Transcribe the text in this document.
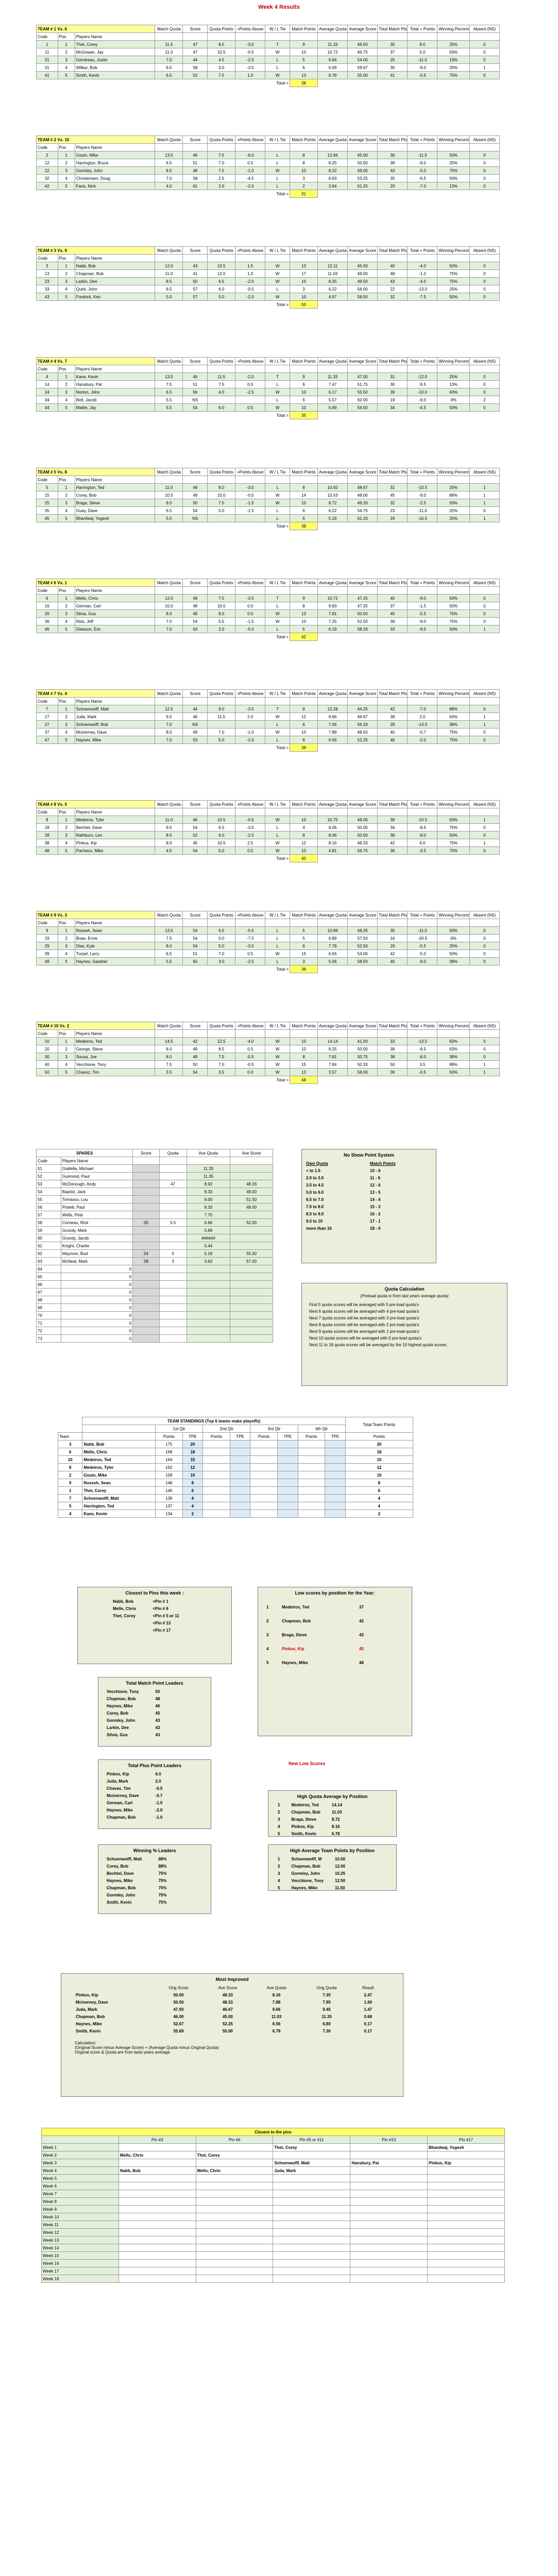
Week 4 Results
TEAM # 1 Vs. 6			Match Quota	Score	Quota Points	+Points Above	W / L Tie	Match Points	Average Quota	Average Score	Total Match Pts	Total + Points	Winning Percent	Absent (NS)
Code	Pos	Players Name												
1	1	Thet, Corey	11.5	47	8.5	-3.0	T	9	11.19	46.50	30	8.0	25%	0
11	2	McGowan, Jay	11.0	47	10.5	-0.5	W	10	10.72	46.75	37	5.0	63%	0
21	3	Gendreau, Justin	7.0	44	4.5	-2.5	L	5	6.84	54.00	25	-11.0	13%	0
31	4	Wilbur, Bob	6.5	58	3.0	-3.5	L	6	6.09	59.67	30	-9.0	25%	1
41	5	Smith, Kevin	6.5	52	7.5	1.0	W	13	6.78	55.00	41	-0.5	75%	0
							Total =	38						
TEAM # 2 Vs. 10			Match Quota	Score	Quota Points	+Points Above	W / L Tie	Match Points	Average Quota	Average Score	Total Match Pts	Total + Points	Winning Percent	Absent (NS)
Code	Pos	Players Name												
2	1	Gouin, Mike	13.5	49	7.5	-6.0	L	8	12.94	45.00	36	-11.5	50%	0
12	2	Harrington, Bruce	6.5	51	7.0	0.5	L	8	8.25	50.50	38	-9.0	25%	0
22	3	Gormley, John	8.5	48	7.5	-1.0	W	10	8.22	49.00	43	-5.0	75%	0
32	4	Christensen, Doug	7.0	58	2.5	-4.5	L	3	6.93	53.25	35	-6.5	50%	0
42	5	Faria, Nick	4.0	61	2.0	-2.0	L	2	3.94	61.25	29	-7.0	13%	0
							Total =	31						
TEAM # 3 Vs. 9			Match Quota	Score	Quota Points	+Points Above	W / L Tie	Match Points	Average Quota	Average Score	Total Match Pts	Total + Points	Winning Percent	Absent (NS)
Code	Pos	Players Name												
3	1	Nabb, Bob	12.0	43	13.5	1.5	W	13	12.11	45.50	40	-4.0	50%	0
13	2	Chapman, Bob	11.0	41	12.0	1.0	W	17	11.03	49.00	48	-1.0	75%	0
23	3	Larkin, Dee	8.5	50	6.5	-2.0	W	10	8.25	49.50	43	-4.0	75%	0
33	4	Quirk, John	6.5	57	6.0	-0.5	L	3	6.22	56.00	22	-13.0	25%	0
43	5	Fredrick, Ken	5.0	57	5.0	-2.0	W	10	4.97	58.50	32	-7.5	50%	0
							Total =	50						
TEAM # 4 Vs. 7			Match Quota	Score	Quota Points	+Points Above	W / L Tie	Match Points	Average Quota	Average Score	Total Match Pts	Total + Points	Winning Percent	Absent (NS)
Code	Pos	Players Name												
4	1	Kane, Kevin	13.5	46	11.5	-2.0	T	9	11.33	47.00	31	-12.0	25%	0
14	2	Hansbury, Pat	7.5	51	7.5	0.0	L	6	7.47	51.75	30	-9.5	13%	0
24	3	Norton, John	6.5	56	4.0	-2.5	W	10	6.17	55.50	39	-10.0	63%	0
34	4	Belt, Jacob	5.5	NS			L	6	5.57	62.00	19	-9.0	0%	2
44	5	Mattie, Jay	5.5	54	6.0	0.5	W	10	5.69	54.50	34	-4.5	50%	0
							Total =	35						
TEAM # 5 Vs. 8			Match Quota	Score	Quota Points	+Points Above	W / L Tie	Match Points	Average Quota	Average Score	Total Match Pts	Total + Points	Winning Percent	Absent (NS)
Code	Pos	Players Name												
5	1	Harrington, Ted	11.0	49	8.0	-3.0	L	8	10.50	48.67	31	-10.5	25%	1
15	2	Corey, Bob	10.5	49	10.0	-0.5	W	14	10.53	48.00	45	-9.0	88%	1
25	3	Braga, Steve	9.0	50	7.5	-1.5	W	10	8.72	49.33	32	-2.5	50%	1
35	4	Guay, Dave	6.5	54	5.0	-1.5	L	6	6.22	54.75	23	-11.0	25%	0
45	5	Bhardwaj, Yogesh	5.0	NS			L	6	5.19	61.33	24	-16.5	25%	1
							Total =	38						
TEAM # 6 Vs. 1			Match Quota	Score	Quota Points	+Points Above	W / L Tie	Match Points	Average Quota	Average Score	Total Match Pts	Total + Points	Winning Percent	Absent (NS)
Code	Pos	Players Name												
6	1	Mello, Chris	12.0	49	7.5	-3.5	T	9	10.72	47.25	40	-9.0	63%	0
16	2	German, Carl	10.0	48	10.0	0.0	L	8	9.83	47.25	37	-1.5	50%	0
26	3	Silvia, Gus	8.0	49	8.0	0.0	W	13	7.81	50.50	40	-5.5	75%	0
36	4	Reis, Jeff	7.0	54	5.5	-1.5	W	10	7.25	52.50	38	-9.0	75%	0
46	5	Gleason, Eric	7.0	63	2.0	-5.0	L	5	6.19	58.33	33	-9.5	50%	1
							Total =	42						
TEAM # 7 Vs. 4			Match Quota	Score	Quota Points	+Points Above	W / L Tie	Match Points	Average Quota	Average Score	Total Match Pts	Total + Points	Winning Percent	Absent (NS)
Code	Pos	Players Name												
7	1	Schoenwolff, Matt	12.5	44	9.0	-3.5	T	9	12.28	44.25	42	-7.0	88%	0
17	2	Juda, Mark	9.5	46	11.5	2.0	W	12	9.66	46.67	38	2.0	63%	1
27	3	Schoenwolff, Bob	7.0	NS			L	6	7.06	56.33	28	-13.0	38%	1
37	4	Mcinerney, Dave	8.0	49	7.0	-1.0	W	10	7.88	48.50	40	-0.7	75%	0
47	5	Haynes, Mike	7.0	53	5.0	-2.0	L	8	6.56	52.25	46	-2.0	75%	0
							Total =	39						
TEAM # 8 Vs. 5			Match Quota	Score	Quota Points	+Points Above	W / L Tie	Match Points	Average Quota	Average Score	Total Match Pts	Total + Points	Winning Percent	Absent (NS)
Code	Pos	Players Name												
8	1	Medeiros, Tyler	11.0	46	10.5	-0.5	W	10	10.75	48.00	38	-10.5	63%	1
18	2	Bechtel, Dave	9.5	54	6.5	-3.0	L	4	9.06	50.00	34	-8.5	75%	0
28	3	Rathburn, Len	8.5	52	6.0	-2.5	L	8	8.06	50.50	38	-8.0	50%	0
38	4	Pinkos, Kip	8.0	45	10.5	2.5	W	12	8.16	48.33	42	6.0	75%	1
48	5	Pacheco, Mike	4.5	54	5.0	0.5	W	10	4.81	56.75	36	-3.5	75%	0
							Total =	40						
TEAM # 9 Vs. 3			Match Quota	Score	Quota Points	+Points Above	W / L Tie	Match Points	Average Quota	Average Score	Total Match Pts	Total + Points	Winning Percent	Absent (NS)
Code	Pos	Players Name												
9	1	Rosseh, Sean	13.5	54	6.5	-5.5	L	5	10.89	48.25	35	-11.0	50%	0
19	2	Boas, Ernie	7.5	54	0.0	-7.5	L	5	6.89	57.50	16	-20.5	0%	0
29	3	Dias, Kyle	8.0	54	5.0	-3.0	L	8	7.78	52.50	29	-5.5	25%	0
39	4	Turpel, Larry	6.5	51	7.0	0.5	W	15	6.56	54.00	42	-5.0	50%	0
49	5	Haynes, Gardner	5.5	60	3.0	-2.5	L	3	5.06	58.50	40	-9.0	38%	0
							Total =	36						
TEAM # 10 Vs. 2			Match Quota	Score	Quota Points	+Points Above	W / L Tie	Match Points	Average Quota	Average Score	Total Match Pts	Total + Points	Winning Percent	Absent (NS)
Code	Pos	Players Name												
10	1	Medeiros, Ted	14.5	42	12.5	-4.0	W	10	14.14	41.00	33	-13.5	63%	0
20	2	George, Steve	8.0	49	8.5	0.5	W	10	8.25	50.00	38	-8.5	63%	0
30	3	Sousa, Joe	8.0	49	7.5	-0.5	W	8	7.81	50.75	38	-8.0	38%	0
40	4	Vecchione, Tony	7.5	50	7.0	-0.5	W	15	7.84	50.33	50	3.5	88%	1
50	5	Chavez, Tim	3.5	54	3.5	0.0	W	13	3.57	58.00	39	-0.5	50%	1
							Total =	48						
SPARES		Score	Quota	Ave Quota	Ave Score
Code	Players Name				
51	Giallella, Michael			11.33	
52	Guimond, Paul			11.35	
53	McDonough, Andy		47	8.92	48.33
54	Baptist, Jack			9.33	49.00
55	Tomasso, Lou			8.00	51.50
56	Pistelli, Paul			8.33	49.00
57	Wells, Pete			7.75	
58	Corneau, Rick	55	5.5	6.66	52.00
59	Grundy, Mark			5.69	
60	Grundy, Jacob			######	
61	Knight, Charlie			5.44	
62	Maymon, Bud	54	5	5.18	55.00
63	McNeal, Mark	58	3	3.63	57.00
64	0				
65	0				
66	0				
67	0				
68	0				
69	0				
70	0				
71	0				
72	0				
73	0				
No Show Point System
Own Quota	Match Points
< to 1.5	10 - 6
2.0 to 3.0	11 - 6
3.5 to 4.5	12 - 6
5.0 to 6.0	13 - 5
6.5 to 7.0	14 - 4
7.5 to 8.0	15 - 3
8.5 to 9.0	16 - 2
9.5 to 10	17 - 1
more than 10	18 - 0
Quota Calculation
(Preload quota is from last years average quota)
First 5 quota scores will be averaged with 5 pre-load quota's
Next 6 quota scores will be averaged with 4 pre-load quota's
Next 7 quota scores will be averaged with 3 pre-load quota's
Next 8 quota scores will be averaged with 2 pre-load quota's
Next 9 quota scores will be averaged with 1 pre-load quota's
Next 10 quota scores will be averaged with 0 pre-load quota's
Next 11 to 18 quota scores will be averaged by the 10 highest quota scores.
	TEAM STANDINGS (Top 6 teams make playoffs)									Total Team Points
		1st Qtr		2nd Qtr		3rd Qtr		4th Qtr		
Team		Points	TPE	Points	TPE	Points	TPE	Points	TPE	Points
3	Nabb, Bob	175	20							20
6	Mello, Chris	168	18							18
10	Medeiros, Ted	164	15							15
8	Medeiros, Tyler	162	12							12
2	Gouin, Mike	158	10							10
9	Rosseh, Sean	148	8							8
1	Thet, Corey	146	6							6
7	Schoenwolff, Matt	139	4							4
5	Harrington, Ted	137	4							4
4	Kane, Kevin	134	2							2
Closest to Pins this week :
Nabb, Bob	<Pin # 1
Mello, Chris	<Pin # 6
Thet, Corey	<Pin # 5 or 11
	<Pin # 13
	<Pin # 17
Low scores by position for the Year:
1	Medeiros, Ted	37
2	Chapman, Bob	42
3	Braga, Steve	43
4	Pinkos, Kip	45
5	Haynes, Mike	48
Total Match Point Leaders
Vecchione, Tony	50
Chapman, Bob	48
Haynes, Mike	46
Corey, Bob	45
Gormley, John	43
Larkin, Dee	43
Silvia, Gus	43
Total Plus Point Leaders
Pinkos, Kip	6.0
Juda, Mark	2.0
Chavez, Tim	-0.5
Mcinerney, Dave	-0.7
German, Carl	-1.5
Haynes, Mike	-2.0
Chapman, Bob	-1.0
New Low Scores
High Quota Average by Position
1	Medeiros, Ted	14.14
2	Chapman, Bob	11.03
3	Braga, Steve	8.72
4	Pinkos, Kip	8.16
5	Smith, Kevin	6.78
Winning % Leaders
Schoenwolff, Matt	88%
Corey, Bob	88%
Bechtel, Dave	75%
Haynes, Mike	75%
Chapman, Bob	75%
Gormley, John	75%
Smith, Kevin	75%
High Average Team Points by Position
1	Schoenwolff, M	10.50
2	Chapman, Bob	12.00
3	Gormley, John	10.25
4	Vecchione, Tony	12.50
5	Haynes, Mike	11.50
Most Improved
	Orig Score	Ave Score	Ave Quota	Orig Quota	Result
Pinkos, Kip	50.00	48.33	8.16	7.35	2.47
Mcinerney, Dave	50.50	48.33	7.88	7.95	1.60
Juda, Mark	47.93	46.67	9.66	9.45	1.47
Chapman, Bob	46.00	45.00	11.03	11.35	0.68
Haynes, Mike	52.67	52.25	6.56	6.80	0.17
Smith, Kevin	55.69	55.00	6.78	7.30	0.17
Calculation:
(Original Score minus Average Score) + (Average Quota minus Original Quota)
Original score & Quota are from lasts years average.
Closest to the pins					
	Pin #3	Pin #6	Pin #5 or #11	Pin #13	Pin #17
Week 1			Thet, Corey		Bhardwaj, Yogesh
Week 2	Mello, Chris	Thet, Corey			
Week 3			Schoenwolff, Matt	Hansbury, Pat	Pinkos, Kip
Week 4	Nabb, Bob	Mello, Chris	Juda, Mark		
Week 5					
Week 6					
Week 7					
Week 8					
Week 9					
Week 10					
Week 11					
Week 12					
Week 13					
Week 14					
Week 15					
Week 16					
Week 17					
Week 18					
